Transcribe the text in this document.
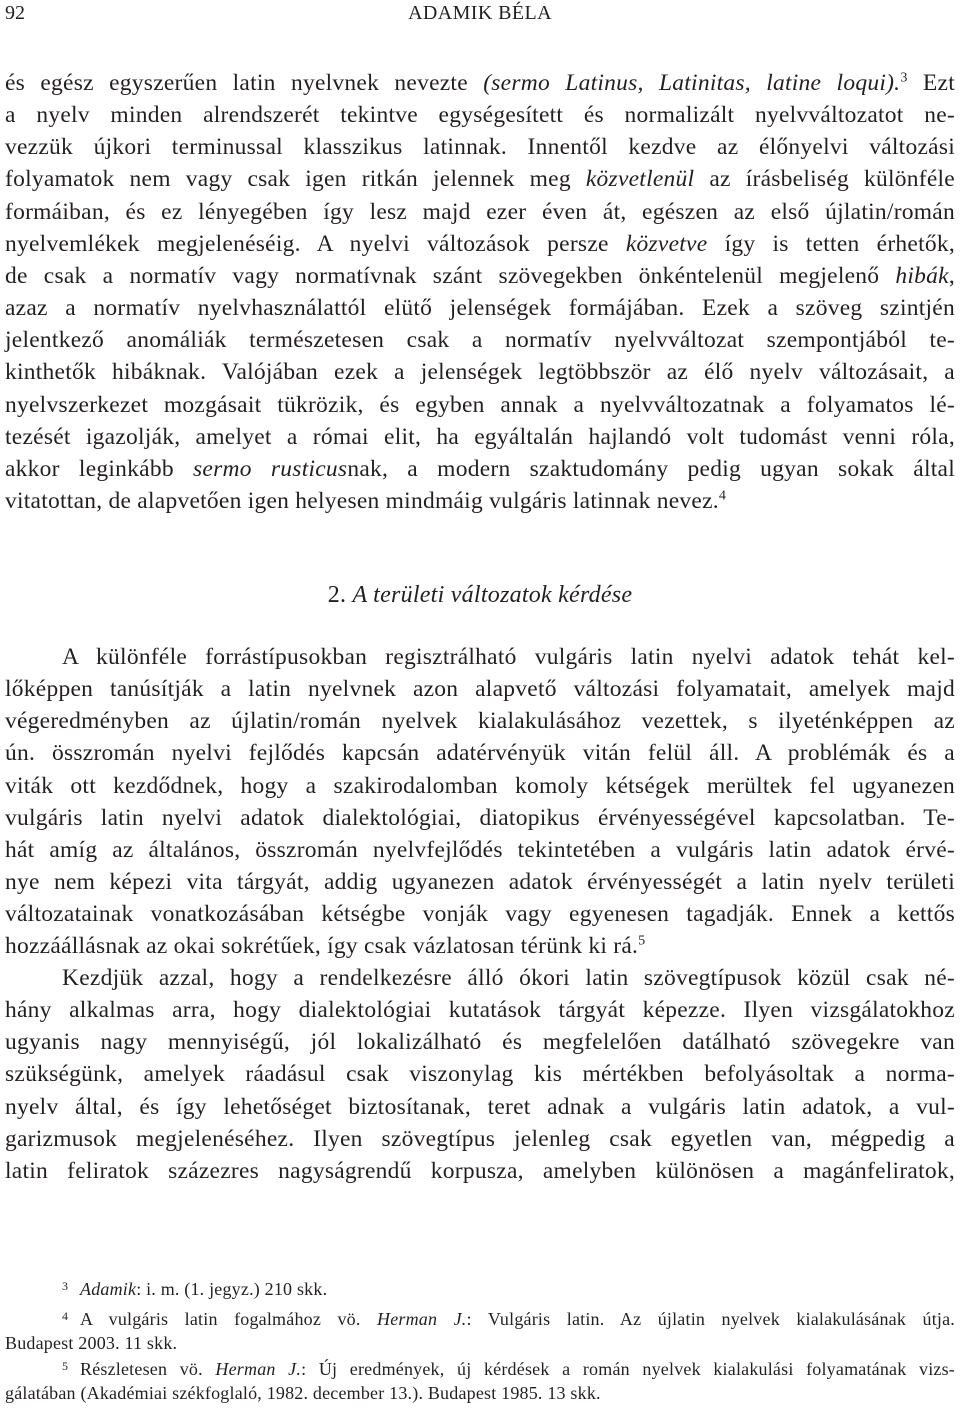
92	ADAMIK BÉLA
és egész egyszerűen latin nyelvnek nevezte (sermo Latinus, Latinitas, latine loqui).$^3$ Ezt
a nyelv minden alrendszerét tekintve egységesített és normalizált nyelvváltozatot ne-
vezzük újkori terminussal klasszikus latinnak. Innentől kezdve az élőnyelvi változási
folyamatok nem vagy csak igen ritkán jelennek meg közvetlenül az írásbeliség különféle
formáiban, és ez lényegében így lesz majd ezer éven át, egészen az első újlatin/román
nyelvemlékek megjelenéséig. A nyelvi változások persze közvetve így is tetten érhetők,
de csak a normatív vagy normatívnak szánt szövegekben önkéntelenül megjelenő hibák,
azaz a normatív nyelvhasználattól elütő jelenségek formájában. Ezek a szöveg szintjén
jelentkező anomáliák természetesen csak a normatív nyelvváltozat szempontjából te-
kinthetők hibáknak. Valójában ezek a jelenségek legtöbbször az élő nyelv változásait, a
nyelvszerkezet mozgásait tükrözik, és egyben annak a nyelvváltozatnak a folyamatos lé-
tezését igazolják, amelyet a római elit, ha egyáltalán hajlandó volt tudomást venni róla,
akkor leginkább sermo rusticusnak, a modern szaktudomány pedig ugyan sokak által
vitatottan, de alapvetően igen helyesen mindmáig vulgáris latinnak nevez.$^4$
2. A területi változatok kérdése
A különféle forrástípusokban regisztrálható vulgáris latin nyelvi adatok tehát kel-
lőképpen tanúsítják a latin nyelvnek azon alapvető változási folyamatait, amelyek majd
végeredményben az újlatin/román nyelvek kialakulásához vezettek, s ilyeténképpen az
ún. összromán nyelvi fejlődés kapcsán adatérvényük vitán felül áll. A problémák és a
viták ott kezdődnek, hogy a szakirodalomban komoly kétségek merültek fel ugyanezen
vulgáris latin nyelvi adatok dialektológiai, diatopikus érvényességével kapcsolatban. Te-
hát amíg az általános, összromán nyelvfejlődés tekintetében a vulgáris latin adatok érvé-
nye nem képezi vita tárgyát, addig ugyanezen adatok érvényességét a latin nyelv területi
változatainak vonatkozásában kétségbe vonják vagy egyenesen tagadják. Ennek a kettős
hozzáállásnak az okai sokrétűek, így csak vázlatosan térünk ki rá.$^5$
Kezdjük azzal, hogy a rendelkezésre álló ókori latin szövegtípusok közül csak né-
hány alkalmas arra, hogy dialektológiai kutatások tárgyát képezze. Ilyen vizsgálatokhoz
ugyanis nagy mennyiségű, jól lokalizálható és megfelelően datálható szövegekre van
szükségünk, amelyek ráadásul csak viszonylag kis mértékben befolyásoltak a norma-
nyelv által, és így lehetőséget biztosítanak, teret adnak a vulgáris latin adatok, a vul-
garizmusok megjelenéséhez. Ilyen szövegtípus jelenleg csak egyetlen van, mégpedig a
latin feliratok százezres nagyságrendű korpusza, amelyben különösen a magánfeliratok,
3 Adamik: i. m. (1. jegyz.) 210 skk.
4 A vulgáris latin fogalmához vö. Herman J.: Vulgáris latin. Az újlatin nyelvek kialakulásának útja.
Budapest 2003. 11 skk.
5 Részletesen vö. Herman J.: Új eredmények, új kérdések a román nyelvek kialakulási folyamatának vizs-
gálatában (Akadémiai székfoglaló, 1982. december 13.). Budapest 1985. 13 skk.
